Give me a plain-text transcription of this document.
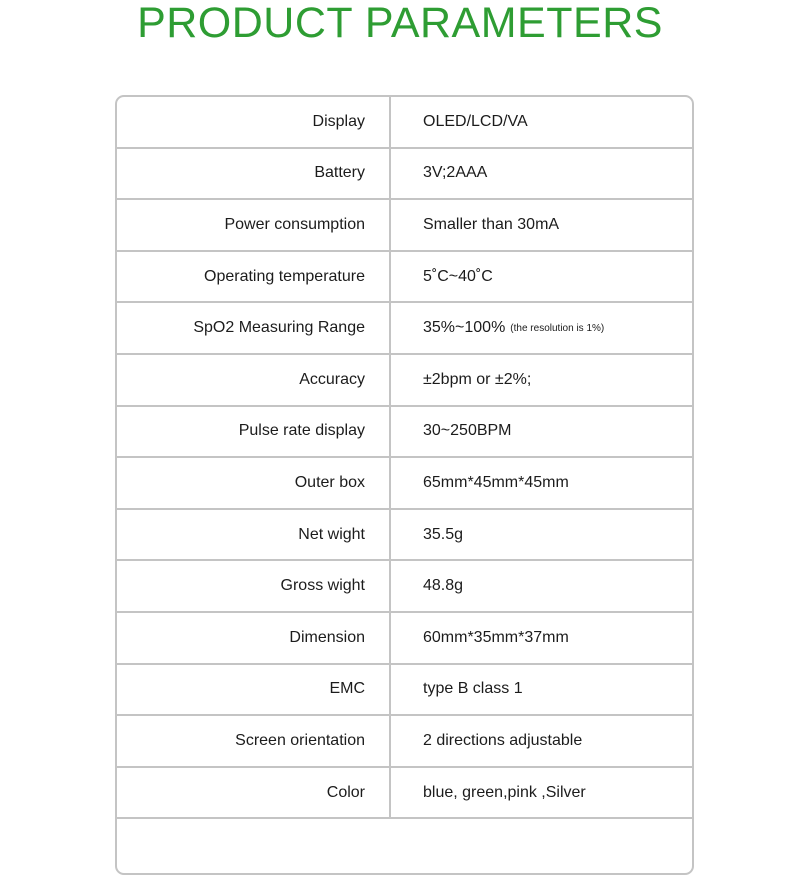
PRODUCT PARAMETERS
Display	OLED/LCD/VA
Battery	3V;2AAA
Power consumption	Smaller than 30mA
Operating temperature	5˚C~40˚C
SpO2 Measuring Range	35%~100% (the resolution is 1%)
Accuracy	±2bpm or ±2%;
Pulse rate display	30~250BPM
Outer box	65mm*45mm*45mm
Net wight	35.5g
Gross wight	48.8g
Dimension	60mm*35mm*37mm
EMC	type B class 1
Screen orientation	2 directions adjustable
Color	blue, green,pink ,Silver
